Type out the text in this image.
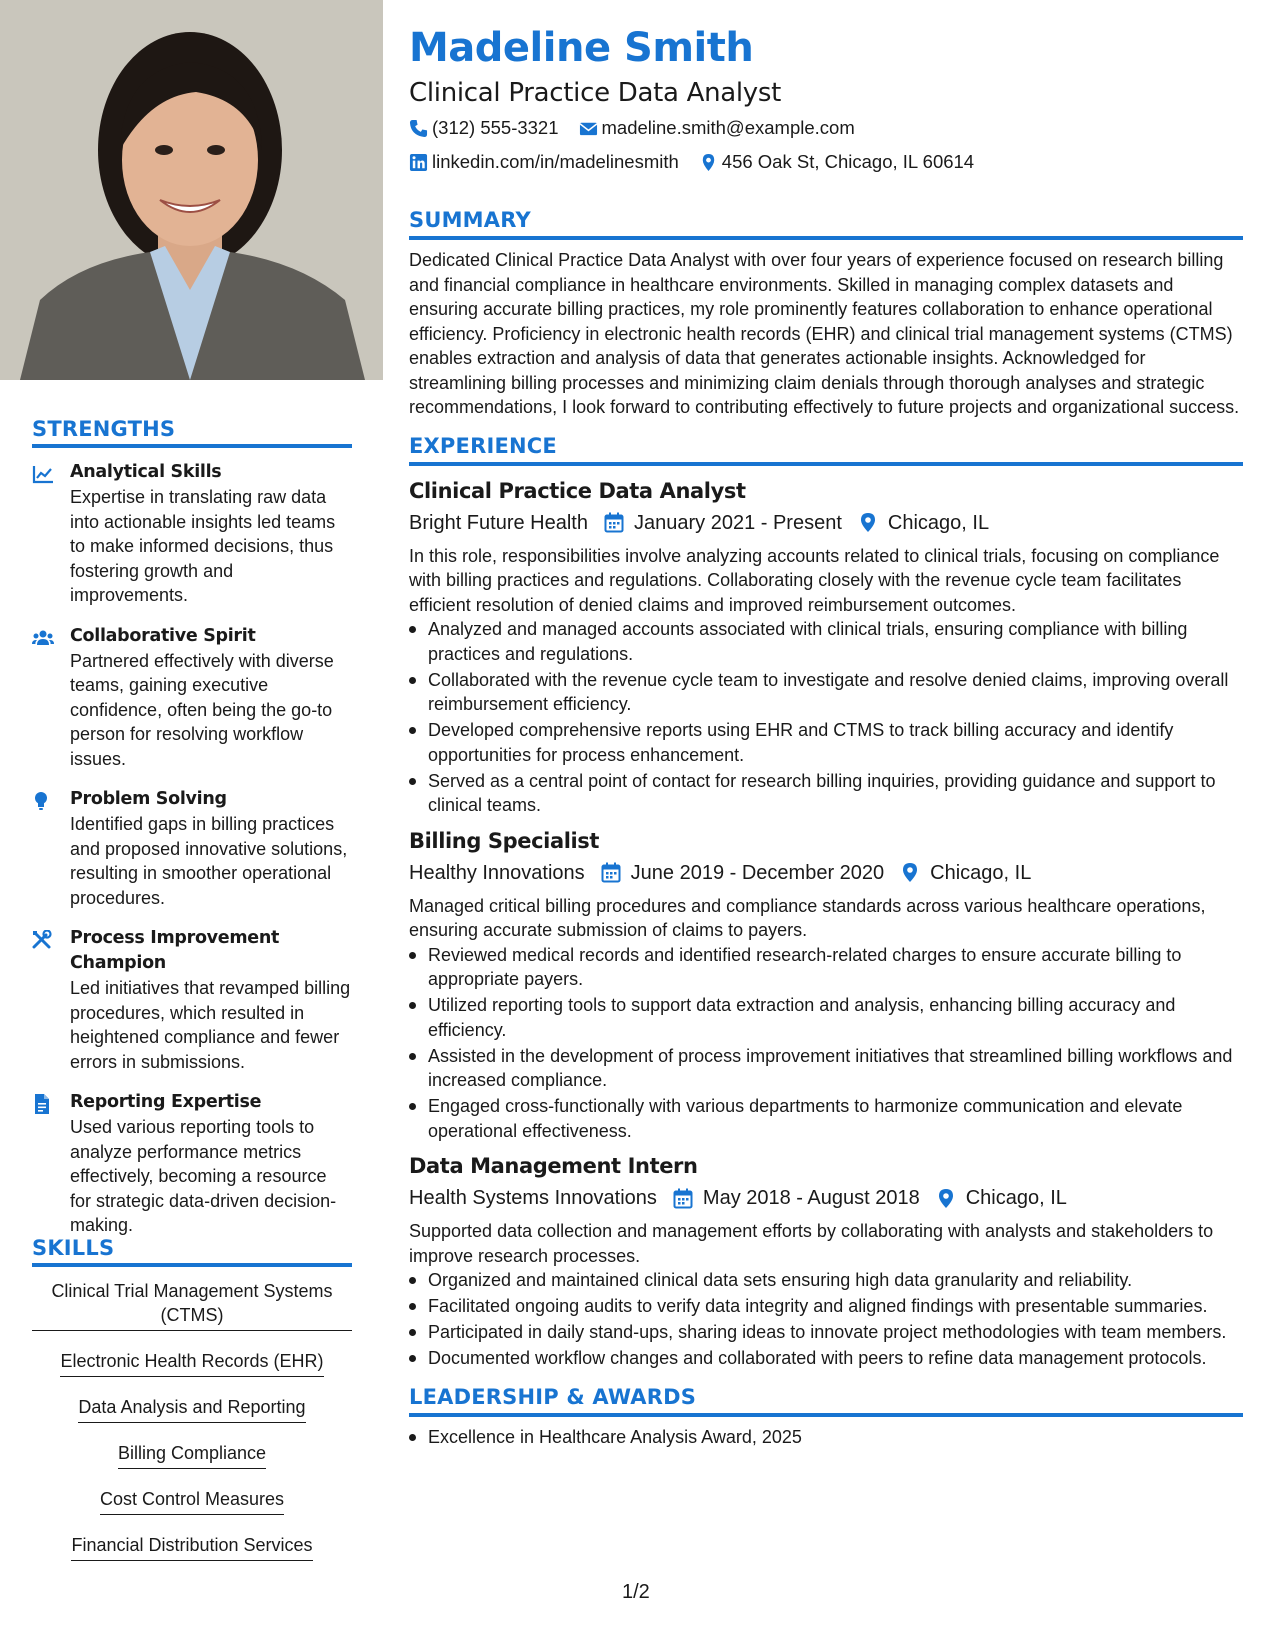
STRENGTHS
Analytical Skills
Expertise in translating raw data into actionable insights led teams to make informed decisions, thus fostering growth and improvements.
Collaborative Spirit
Partnered effectively with diverse teams, gaining executive confidence, often being the go-to person for resolving workflow issues.
Problem Solving
Identified gaps in billing practices and proposed innovative solutions, resulting in smoother operational procedures.
Process Improvement Champion
Led initiatives that revamped billing procedures, which resulted in heightened compliance and fewer errors in submissions.
Reporting Expertise
Used various reporting tools to analyze performance metrics effectively, becoming a resource for strategic data-driven decision-making.
SKILLS
Clinical Trial Management Systems (CTMS)
Electronic Health Records (EHR)
Data Analysis and Reporting
Billing Compliance
Cost Control Measures
Financial Distribution Services
Madeline Smith
Clinical Practice Data Analyst
(312) 555-3321 madeline.smith@example.com
linkedin.com/in/madelinesmith 456 Oak St, Chicago, IL 60614
SUMMARY
Dedicated Clinical Practice Data Analyst with over four years of experience focused on research billing and financial compliance in healthcare environments. Skilled in managing complex datasets and ensuring accurate billing practices, my role prominently features collaboration to enhance operational efficiency. Proficiency in electronic health records (EHR) and clinical trial management systems (CTMS) enables extraction and analysis of data that generates actionable insights. Acknowledged for streamlining billing processes and minimizing claim denials through thorough analyses and strategic recommendations, I look forward to contributing effectively to future projects and organizational success.
EXPERIENCE
Clinical Practice Data Analyst
Bright Future Health January 2021 - Present Chicago, IL
In this role, responsibilities involve analyzing accounts related to clinical trials, focusing on compliance with billing practices and regulations. Collaborating closely with the revenue cycle team facilitates efficient resolution of denied claims and improved reimbursement outcomes.
Analyzed and managed accounts associated with clinical trials, ensuring compliance with billing practices and regulations.
Collaborated with the revenue cycle team to investigate and resolve denied claims, improving overall reimbursement efficiency.
Developed comprehensive reports using EHR and CTMS to track billing accuracy and identify opportunities for process enhancement.
Served as a central point of contact for research billing inquiries, providing guidance and support to clinical teams.
Billing Specialist
Healthy Innovations June 2019 - December 2020 Chicago, IL
Managed critical billing procedures and compliance standards across various healthcare operations, ensuring accurate submission of claims to payers.
Reviewed medical records and identified research-related charges to ensure accurate billing to appropriate payers.
Utilized reporting tools to support data extraction and analysis, enhancing billing accuracy and efficiency.
Assisted in the development of process improvement initiatives that streamlined billing workflows and increased compliance.
Engaged cross-functionally with various departments to harmonize communication and elevate operational effectiveness.
Data Management Intern
Health Systems Innovations May 2018 - August 2018 Chicago, IL
Supported data collection and management efforts by collaborating with analysts and stakeholders to improve research processes.
Organized and maintained clinical data sets ensuring high data granularity and reliability.
Facilitated ongoing audits to verify data integrity and aligned findings with presentable summaries.
Participated in daily stand-ups, sharing ideas to innovate project methodologies with team members.
Documented workflow changes and collaborated with peers to refine data management protocols.
LEADERSHIP & AWARDS
Excellence in Healthcare Analysis Award, 2025
1/2
